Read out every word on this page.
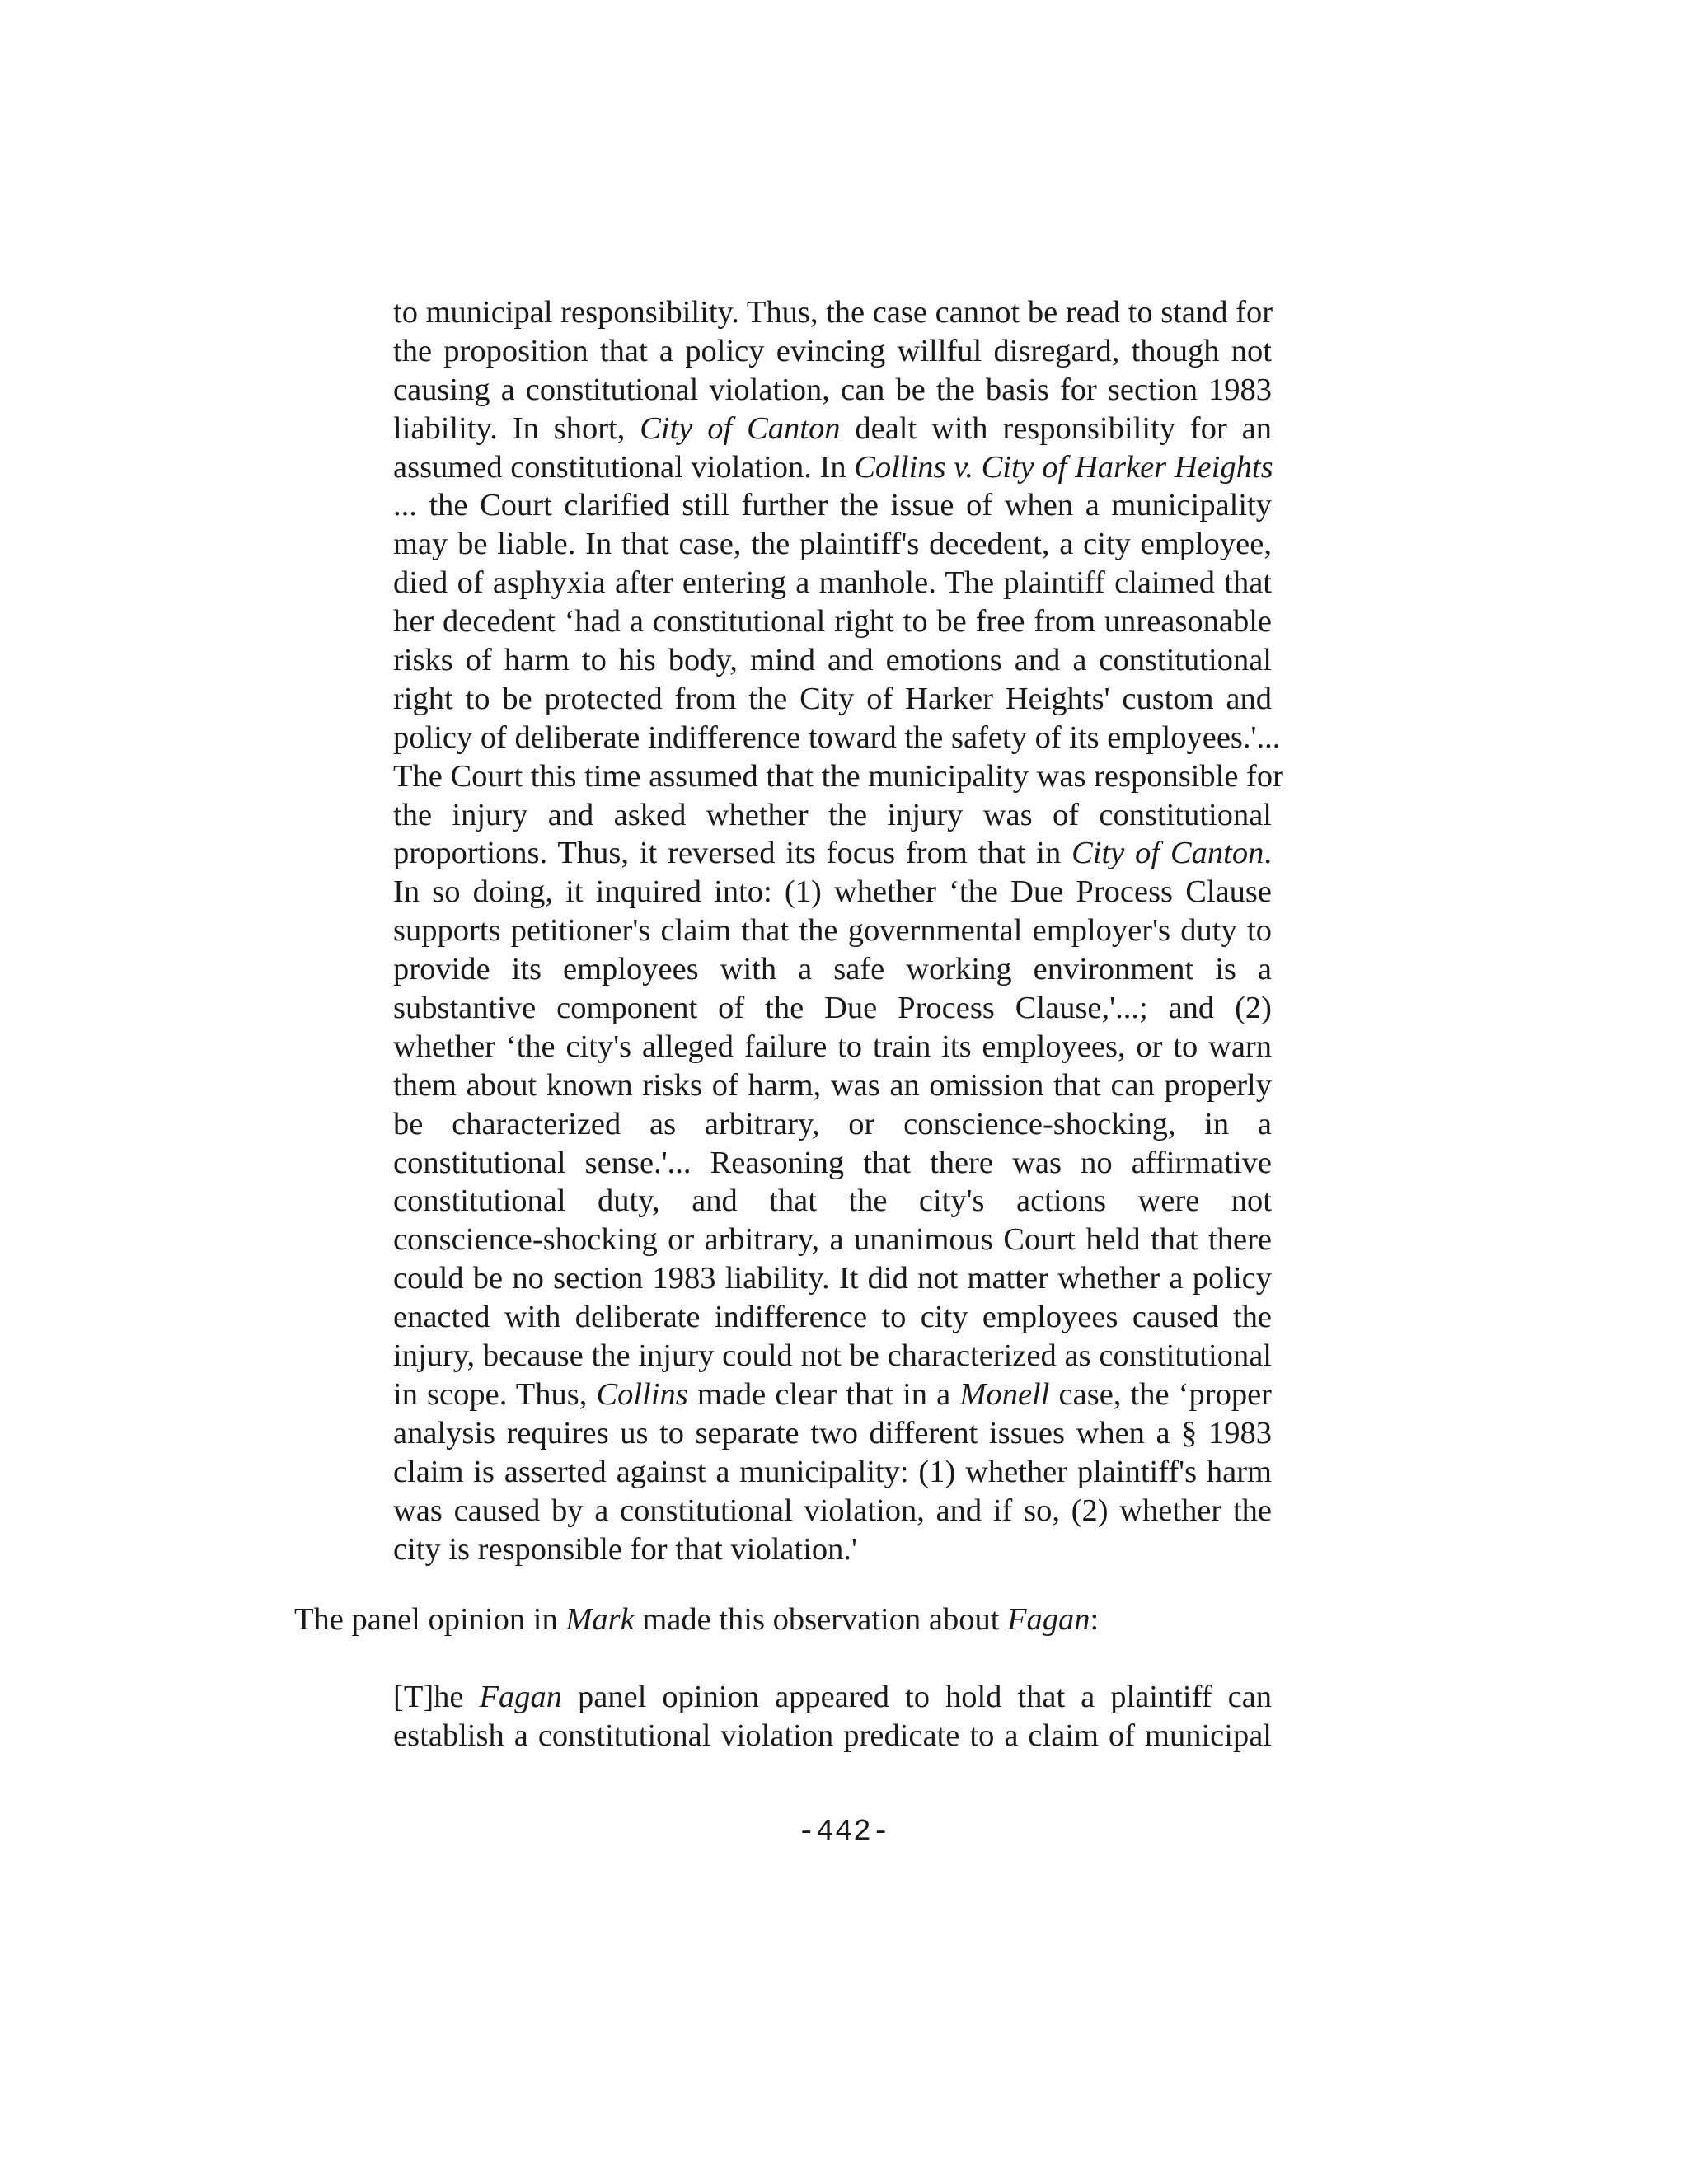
to municipal responsibility. Thus, the case cannot be read to stand for
the proposition that a policy evincing willful disregard, though not
causing a constitutional violation, can be the basis for section 1983
liability. In short, City of Canton dealt with responsibility for an
assumed constitutional violation. In Collins v. City of Harker Heights
... the Court clarified still further the issue of when a municipality
may be liable. In that case, the plaintiff's decedent, a city employee,
died of asphyxia after entering a manhole. The plaintiff claimed that
her decedent ‘had a constitutional right to be free from unreasonable
risks of harm to his body, mind and emotions and a constitutional
right to be protected from the City of Harker Heights' custom and
policy of deliberate indifference toward the safety of its employees.'...
The Court this time assumed that the municipality was responsible for
the injury and asked whether the injury was of constitutional
proportions. Thus, it reversed its focus from that in City of Canton.
In so doing, it inquired into: (1) whether ‘the Due Process Clause
supports petitioner's claim that the governmental employer's duty to
provide its employees with a safe working environment is a
substantive component of the Due Process Clause,'...; and (2)
whether ‘the city's alleged failure to train its employees, or to warn
them about known risks of harm, was an omission that can properly
be characterized as arbitrary, or conscience-shocking, in a
constitutional sense.'... Reasoning that there was no affirmative
constitutional duty, and that the city's actions were not
conscience-shocking or arbitrary, a unanimous Court held that there
could be no section 1983 liability. It did not matter whether a policy
enacted with deliberate indifference to city employees caused the
injury, because the injury could not be characterized as constitutional
in scope. Thus, Collins made clear that in a Monell case, the ‘proper
analysis requires us to separate two different issues when a § 1983
claim is asserted against a municipality: (1) whether plaintiff's harm
was caused by a constitutional violation, and if so, (2) whether the
city is responsible for that violation.'
The panel opinion in Mark made this observation about Fagan:
[T]he Fagan panel opinion appeared to hold that a plaintiff can
establish a constitutional violation predicate to a claim of municipal
-442-
